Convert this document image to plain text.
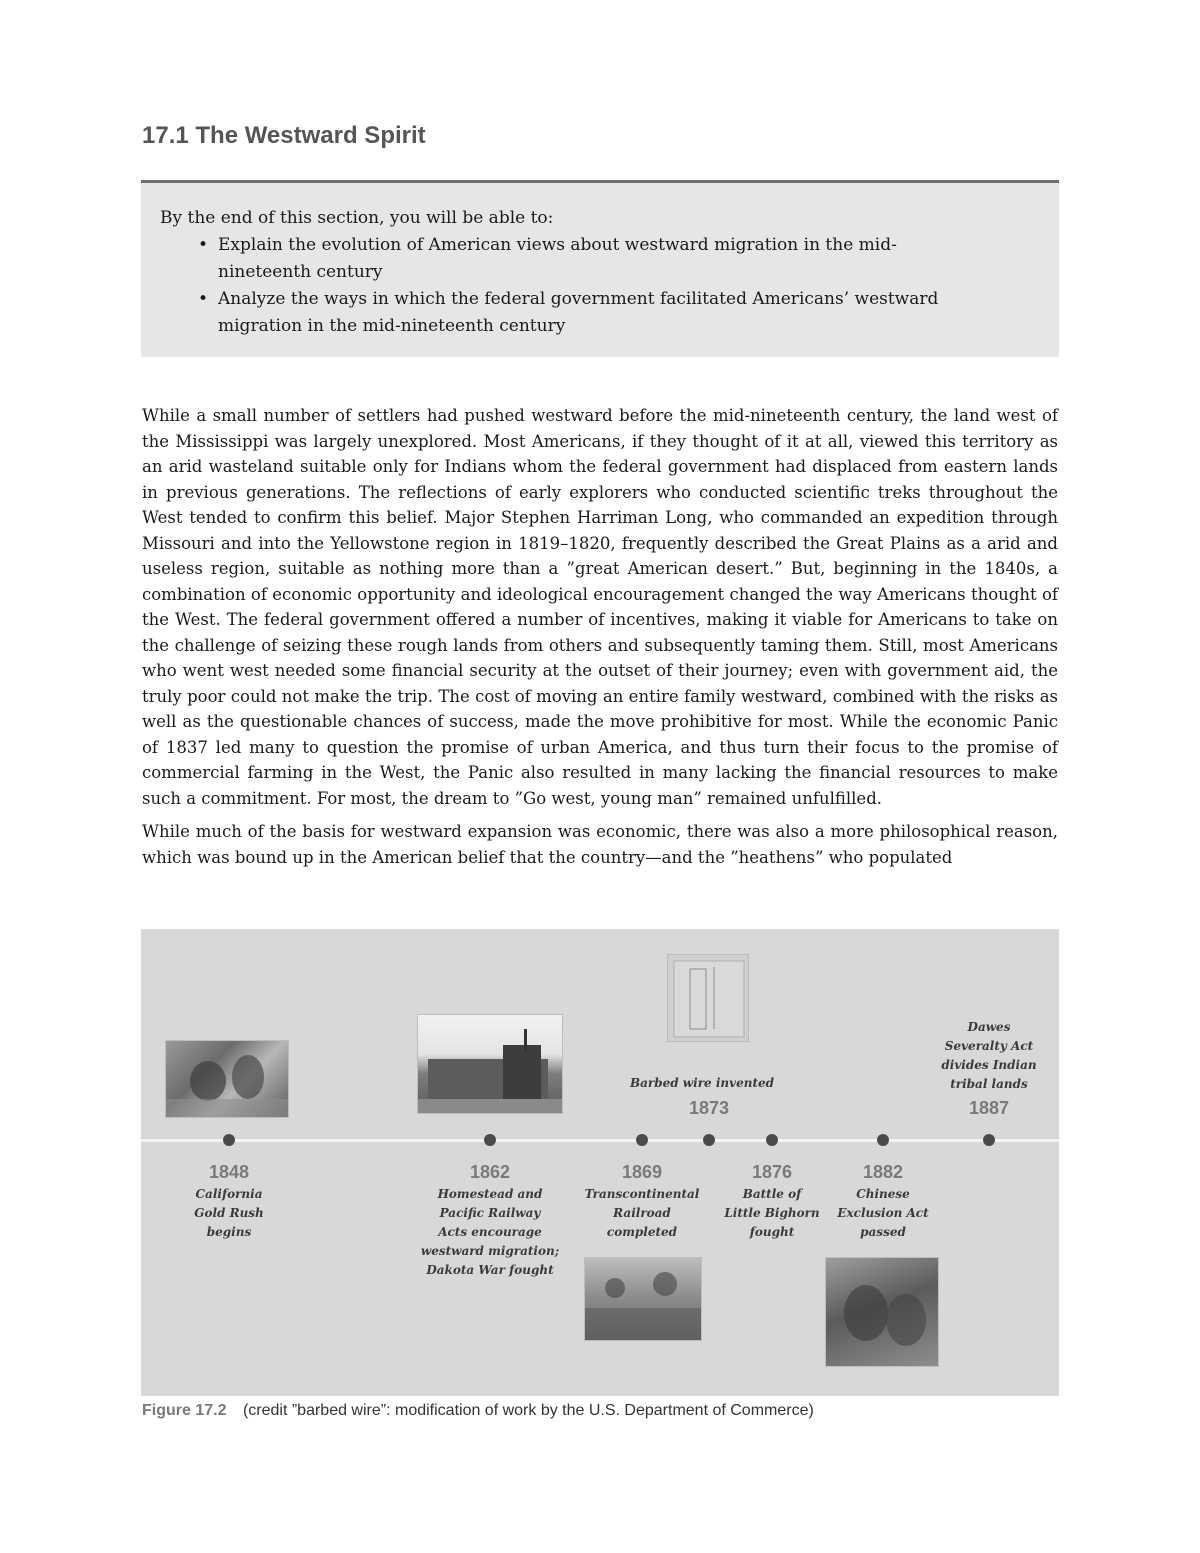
17.1 The Westward Spirit
By the end of this section, you will be able to:
• Explain the evolution of American views about westward migration in the mid-
nineteenth century
• Analyze the ways in which the federal government facilitated Americans’ westward
migration in the mid-nineteenth century

While a small number of settlers had pushed westward before the mid-nineteenth century, the land west of the Mississippi was largely unexplored. Most Americans, if they thought of it at all, viewed this territory as an arid wasteland suitable only for Indians whom the federal government had displaced from eastern lands in previous generations. The reflections of early explorers who conducted scientific treks throughout the West tended to confirm this belief. Major Stephen Harriman Long, who commanded an expedition through Missouri and into the Yellowstone region in 1819–1820, frequently described the Great Plains as a arid and useless region, suitable as nothing more than a ”great American desert.” But, beginning in the 1840s, a combination of economic opportunity and ideological encouragement changed the way Americans thought of the West. The federal government offered a number of incentives, making it viable for Americans to take on the challenge of seizing these rough lands from others and subsequently taming them. Still, most Americans who went west needed some financial security at the outset of their journey; even with government aid, the truly poor could not make the trip. The cost of moving an entire family westward, combined with the risks as well as the questionable chances of success, made the move prohibitive for most. While the economic Panic of 1837 led many to question the promise of urban America, and thus turn their focus to the promise of commercial farming in the West, the Panic also resulted in many lacking the financial resources to make such a commitment. For most, the dream to ”Go west, young man” remained unfulfilled.

While much of the basis for westward expansion was economic, there was also a more philosophical reason, which was bound up in the American belief that the country—and the ”heathens” who populated

1848
California
Gold Rush
begins
1862
Homestead and
Pacific Railway
Acts encourage
westward migration;
Dakota War fought
1869
Transcontinental
Railroad
completed
Barbed wire invented
1873
1876
Battle of
Little Bighorn
fought
1882
Chinese
Exclusion Act
passed
Dawes
Severalty Act
divides Indian
tribal lands
1887
Figure 17.2 (credit ”barbed wire”: modification of work by the U.S. Department of Commerce)
